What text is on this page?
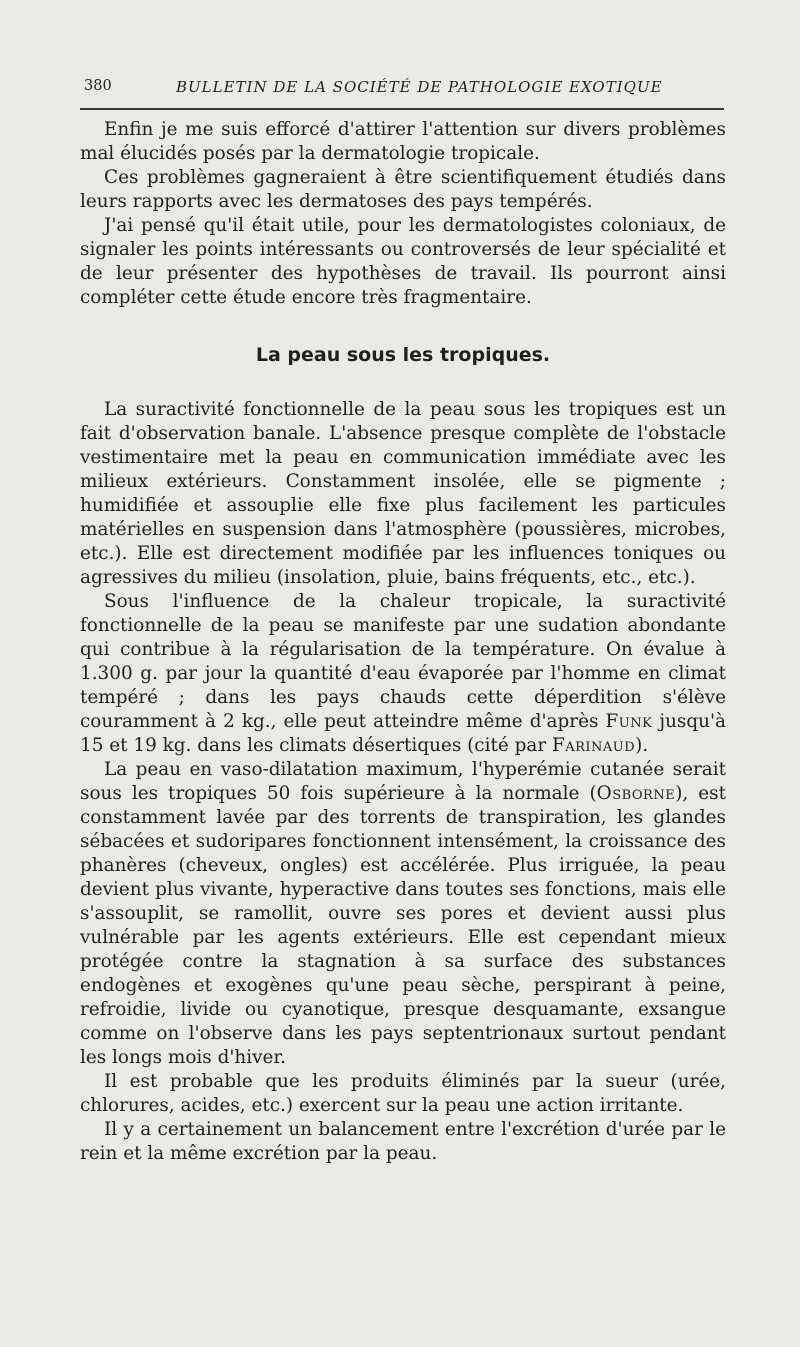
380	BULLETIN DE LA SOCIÉTÉ DE PATHOLOGIE EXOTIQUE

Enfin je me suis efforcé d'attirer l'attention sur divers problèmes mal élucidés posés par la dermatologie tropicale.

Ces problèmes gagneraient à être scientifiquement étudiés dans leurs rapports avec les dermatoses des pays tempérés.

J'ai pensé qu'il était utile, pour les dermatologistes coloniaux, de signaler les points intéressants ou controversés de leur spécialité et de leur présenter des hypothèses de travail. Ils pourront ainsi compléter cette étude encore très fragmentaire.

La peau sous les tropiques.

La suractivité fonctionnelle de la peau sous les tropiques est un fait d'observation banale. L'absence presque complète de l'obstacle vestimentaire met la peau en communication immédiate avec les milieux extérieurs. Constamment insolée, elle se pigmente ; humidifiée et assouplie elle fixe plus facilement les particules matérielles en suspension dans l'atmosphère (poussières, microbes, etc.). Elle est directement modifiée par les influences toniques ou agressives du milieu (insolation, pluie, bains fréquents, etc., etc.).

Sous l'influence de la chaleur tropicale, la suractivité fonctionnelle de la peau se manifeste par une sudation abondante qui contribue à la régularisation de la température. On évalue à 1.300 g. par jour la quantité d'eau évaporée par l'homme en climat tempéré ; dans les pays chauds cette déperdition s'élève couramment à 2 kg., elle peut atteindre même d'après Funk jusqu'à 15 et 19 kg. dans les climats désertiques (cité par Farinaud).

La peau en vaso-dilatation maximum, l'hyperémie cutanée serait sous les tropiques 50 fois supérieure à la normale (Osborne), est constamment lavée par des torrents de transpiration, les glandes sébacées et sudoripares fonctionnent intensément, la croissance des phanères (cheveux, ongles) est accélérée. Plus irriguée, la peau devient plus vivante, hyperactive dans toutes ses fonctions, mais elle s'assouplit, se ramollit, ouvre ses pores et devient aussi plus vulnérable par les agents extérieurs. Elle est cependant mieux protégée contre la stagnation à sa surface des substances endogènes et exogènes qu'une peau sèche, perspirant à peine, refroidie, livide ou cyanotique, presque desquamante, exsangue comme on l'observe dans les pays septentrionaux surtout pendant les longs mois d'hiver.

Il est probable que les produits éliminés par la sueur (urée, chlorures, acides, etc.) exercent sur la peau une action irritante.

Il y a certainement un balancement entre l'excrétion d'urée par le rein et la même excrétion par la peau.
